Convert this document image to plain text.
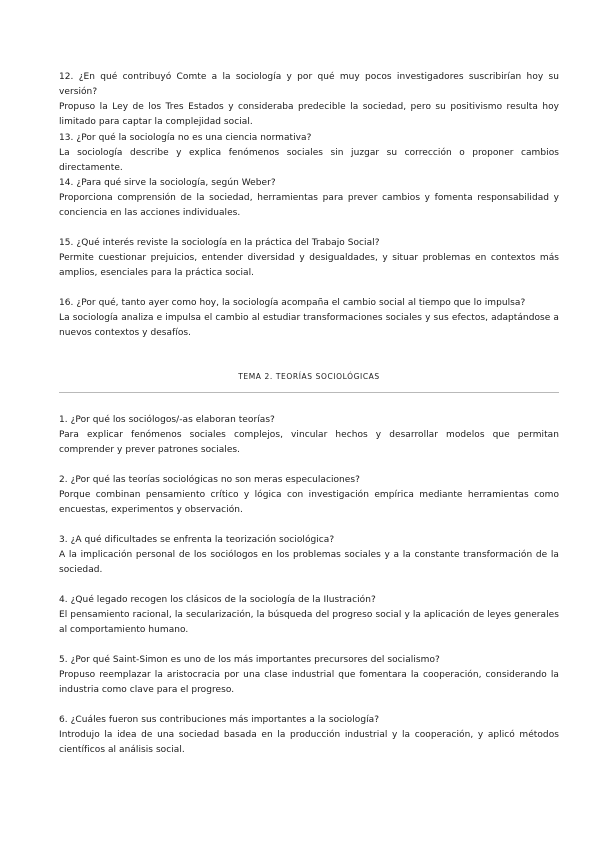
12. ¿En qué contribuyó Comte a la sociología y por qué muy pocos investigadores suscribirían hoy su versión?

Propuso la Ley de los Tres Estados y consideraba predecible la sociedad, pero su positivismo resulta hoy limitado para captar la complejidad social.

13. ¿Por qué la sociología no es una ciencia normativa?

La sociología describe y explica fenómenos sociales sin juzgar su corrección o proponer cambios directamente.

14. ¿Para qué sirve la sociología, según Weber?

Proporciona comprensión de la sociedad, herramientas para prever cambios y fomenta responsabilidad y conciencia en las acciones individuales.

15. ¿Qué interés reviste la sociología en la práctica del Trabajo Social?

Permite cuestionar prejuicios, entender diversidad y desigualdades, y situar problemas en contextos más amplios, esenciales para la práctica social.

16. ¿Por qué, tanto ayer como hoy, la sociología acompaña el cambio social al tiempo que lo impulsa?

La sociología analiza e impulsa el cambio al estudiar transformaciones sociales y sus efectos, adaptándose a nuevos contextos y desafíos.

TEMA 2. TEORÍAS SOCIOLÓGICAS

1. ¿Por qué los sociólogos/-as elaboran teorías?

Para explicar fenómenos sociales complejos, vincular hechos y desarrollar modelos que permitan comprender y prever patrones sociales.

2. ¿Por qué las teorías sociológicas no son meras especulaciones?

Porque combinan pensamiento crítico y lógica con investigación empírica mediante herramientas como encuestas, experimentos y observación.

3. ¿A qué dificultades se enfrenta la teorización sociológica?

A la implicación personal de los sociólogos en los problemas sociales y a la constante transformación de la sociedad.

4. ¿Qué legado recogen los clásicos de la sociología de la Ilustración?

El pensamiento racional, la secularización, la búsqueda del progreso social y la aplicación de leyes generales al comportamiento humano.

5. ¿Por qué Saint-Simon es uno de los más importantes precursores del socialismo?

Propuso reemplazar la aristocracia por una clase industrial que fomentara la cooperación, considerando la industria como clave para el progreso.

6. ¿Cuáles fueron sus contribuciones más importantes a la sociología?

Introdujo la idea de una sociedad basada en la producción industrial y la cooperación, y aplicó métodos científicos al análisis social.
